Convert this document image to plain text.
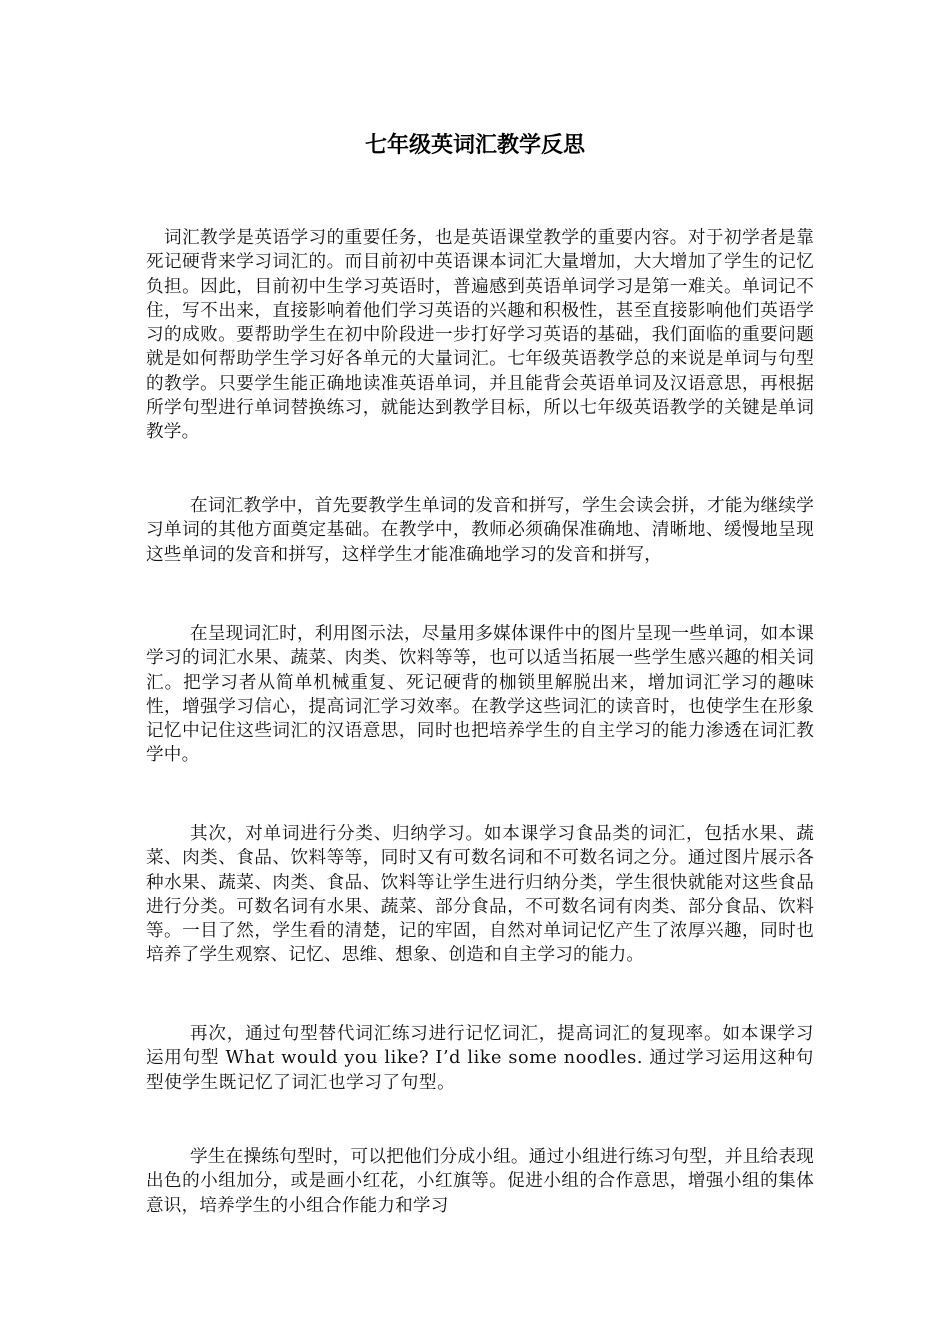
七年级英词汇教学反思

词汇教学是英语学习的重要任务，也是英语课堂教学的重要内容。对于初学者是靠死记硬背来学习词汇的。而目前初中英语课本词汇大量增加，大大增加了学生的记忆负担。因此，目前初中生学习英语时，普遍感到英语单词学习是第一难关。单词记不住，写不出来，直接影响着他们学习英语的兴趣和积极性，甚至直接影响他们英语学习的成败。要帮助学生在初中阶段进一步打好学习英语的基础，我们面临的重要问题就是如何帮助学生学习好各单元的大量词汇。七年级英语教学总的来说是单词与句型的教学。只要学生能正确地读准英语单词，并且能背会英语单词及汉语意思，再根据所学句型进行单词替换练习，就能达到教学目标，所以七年级英语教学的关键是单词教学。

在词汇教学中，首先要教学生单词的发音和拼写，学生会读会拼，才能为继续学习单词的其他方面奠定基础。在教学中，教师必须确保准确地、清晰地、缓慢地呈现这些单词的发音和拼写，这样学生才能准确地学习的发音和拼写，

在呈现词汇时，利用图示法，尽量用多媒体课件中的图片呈现一些单词，如本课学习的词汇水果、蔬菜、肉类、饮料等等，也可以适当拓展一些学生感兴趣的相关词汇。把学习者从简单机械重复、死记硬背的枷锁里解脱出来，增加词汇学习的趣味性，增强学习信心，提高词汇学习效率。在教学这些词汇的读音时，也使学生在形象记忆中记住这些词汇的汉语意思，同时也把培养学生的自主学习的能力渗透在词汇教学中。

其次，对单词进行分类、归纳学习。如本课学习食品类的词汇，包括水果、蔬菜、肉类、食品、饮料等等，同时又有可数名词和不可数名词之分。通过图片展示各种水果、蔬菜、肉类、食品、饮料等让学生进行归纳分类，学生很快就能对这些食品进行分类。可数名词有水果、蔬菜、部分食品，不可数名词有肉类、部分食品、饮料等。一目了然，学生看的清楚，记的牢固，自然对单词记忆产生了浓厚兴趣，同时也培养了学生观察、记忆、思维、想象、创造和自主学习的能力。

再次，通过句型替代词汇练习进行记忆词汇，提高词汇的复现率。如本课学习运用句型 What would you like? I’d like some noodles. 通过学习运用这种句型使学生既记忆了词汇也学习了句型。

学生在操练句型时，可以把他们分成小组。通过小组进行练习句型，并且给表现出色的小组加分，或是画小红花，小红旗等。促进小组的合作意思，增强小组的集体意识，培养学生的小组合作能力和学习
